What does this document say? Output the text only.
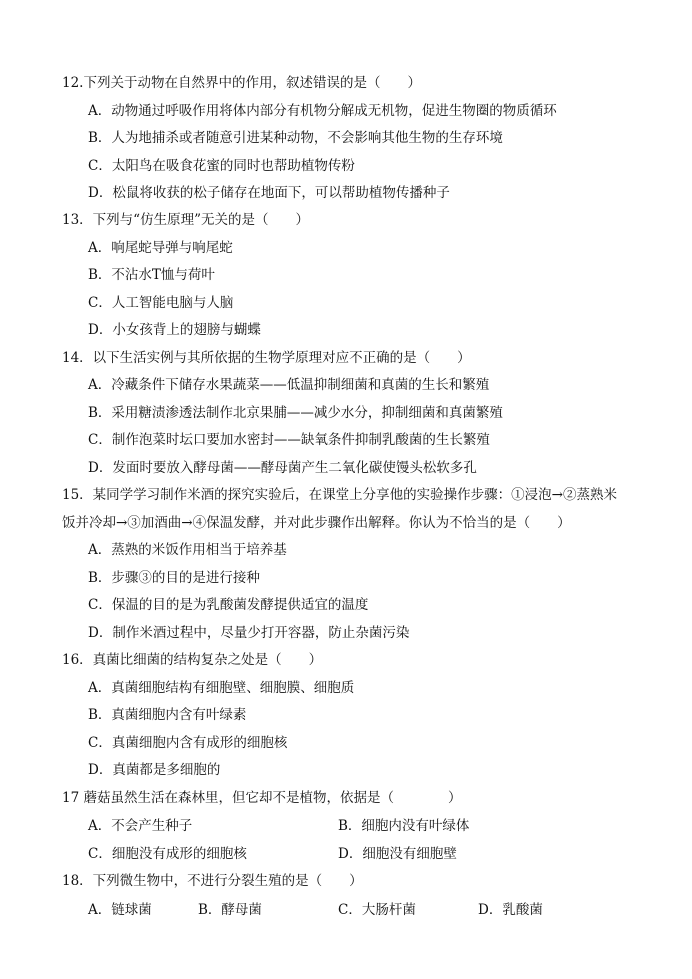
12.下列关于动物在自然界中的作用，叙述错误的是（　　）
A．动物通过呼吸作用将体内部分有机物分解成无机物，促进生物圈的物质循环
B．人为地捕杀或者随意引进某种动物，不会影响其他生物的生存环境
C．太阳鸟在吸食花蜜的同时也帮助植物传粉
D．松鼠将收获的松子储存在地面下，可以帮助植物传播种子
13．下列与“仿生原理”无关的是（　　）
A．响尾蛇导弹与响尾蛇
B．不沾水T恤与荷叶
C．人工智能电脑与人脑
D．小女孩背上的翅膀与蝴蝶
14．以下生活实例与其所依据的生物学原理对应不正确的是（　　）
A．冷藏条件下储存水果蔬菜——低温抑制细菌和真菌的生长和繁殖
B．采用糖渍渗透法制作北京果脯——减少水分，抑制细菌和真菌繁殖
C．制作泡菜时坛口要加水密封——缺氧条件抑制乳酸菌的生长繁殖
D．发面时要放入酵母菌——酵母菌产生二氧化碳使馒头松软多孔
15．某同学学习制作米酒的探究实验后，在课堂上分享他的实验操作步骤：①浸泡→②蒸熟米
饭并冷却→③加酒曲→④保温发酵，并对此步骤作出解释。你认为不恰当的是（　　）
A．蒸熟的米饭作用相当于培养基
B．步骤③的目的是进行接种
C．保温的目的是为乳酸菌发酵提供适宜的温度
D．制作米酒过程中，尽量少打开容器，防止杂菌污染
16．真菌比细菌的结构复杂之处是（　　）
A．真菌细胞结构有细胞壁、细胞膜、细胞质
B．真菌细胞内含有叶绿素
C．真菌细胞内含有成形的细胞核
D．真菌都是多细胞的
17 蘑菇虽然生活在森林里，但它却不是植物，依据是（　　　　）
A．不会产生种子	B．细胞内没有叶绿体
C．细胞没有成形的细胞核	D．细胞没有细胞壁
18．下列微生物中，不进行分裂生殖的是（　　）
A．链球菌	B．酵母菌	C．大肠杆菌	D．乳酸菌
